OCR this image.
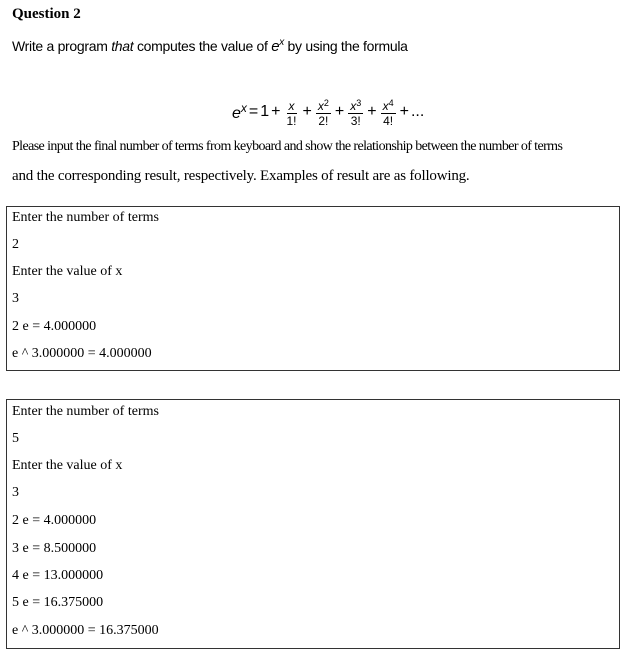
Question 2
Write a program that computes the value of $e^x$ by using the formula
$e^x = 1 + \frac{x}{1!} + \frac{x^2}{2!} + \frac{x^3}{3!} + \frac{x^4}{4!}$ + ...
Please input the final number of terms from keyboard and show the relationship between the number of terms
and the corresponding result, respectively. Examples of result are as following.
Enter the number of terms
2
Enter the value of x
3
2 e = 4.000000
e ^ 3.000000 = 4.000000
Enter the number of terms
5
Enter the value of x
3
2 e = 4.000000
3 e = 8.500000
4 e = 13.000000
5 e = 16.375000
e ^ 3.000000 = 16.375000
